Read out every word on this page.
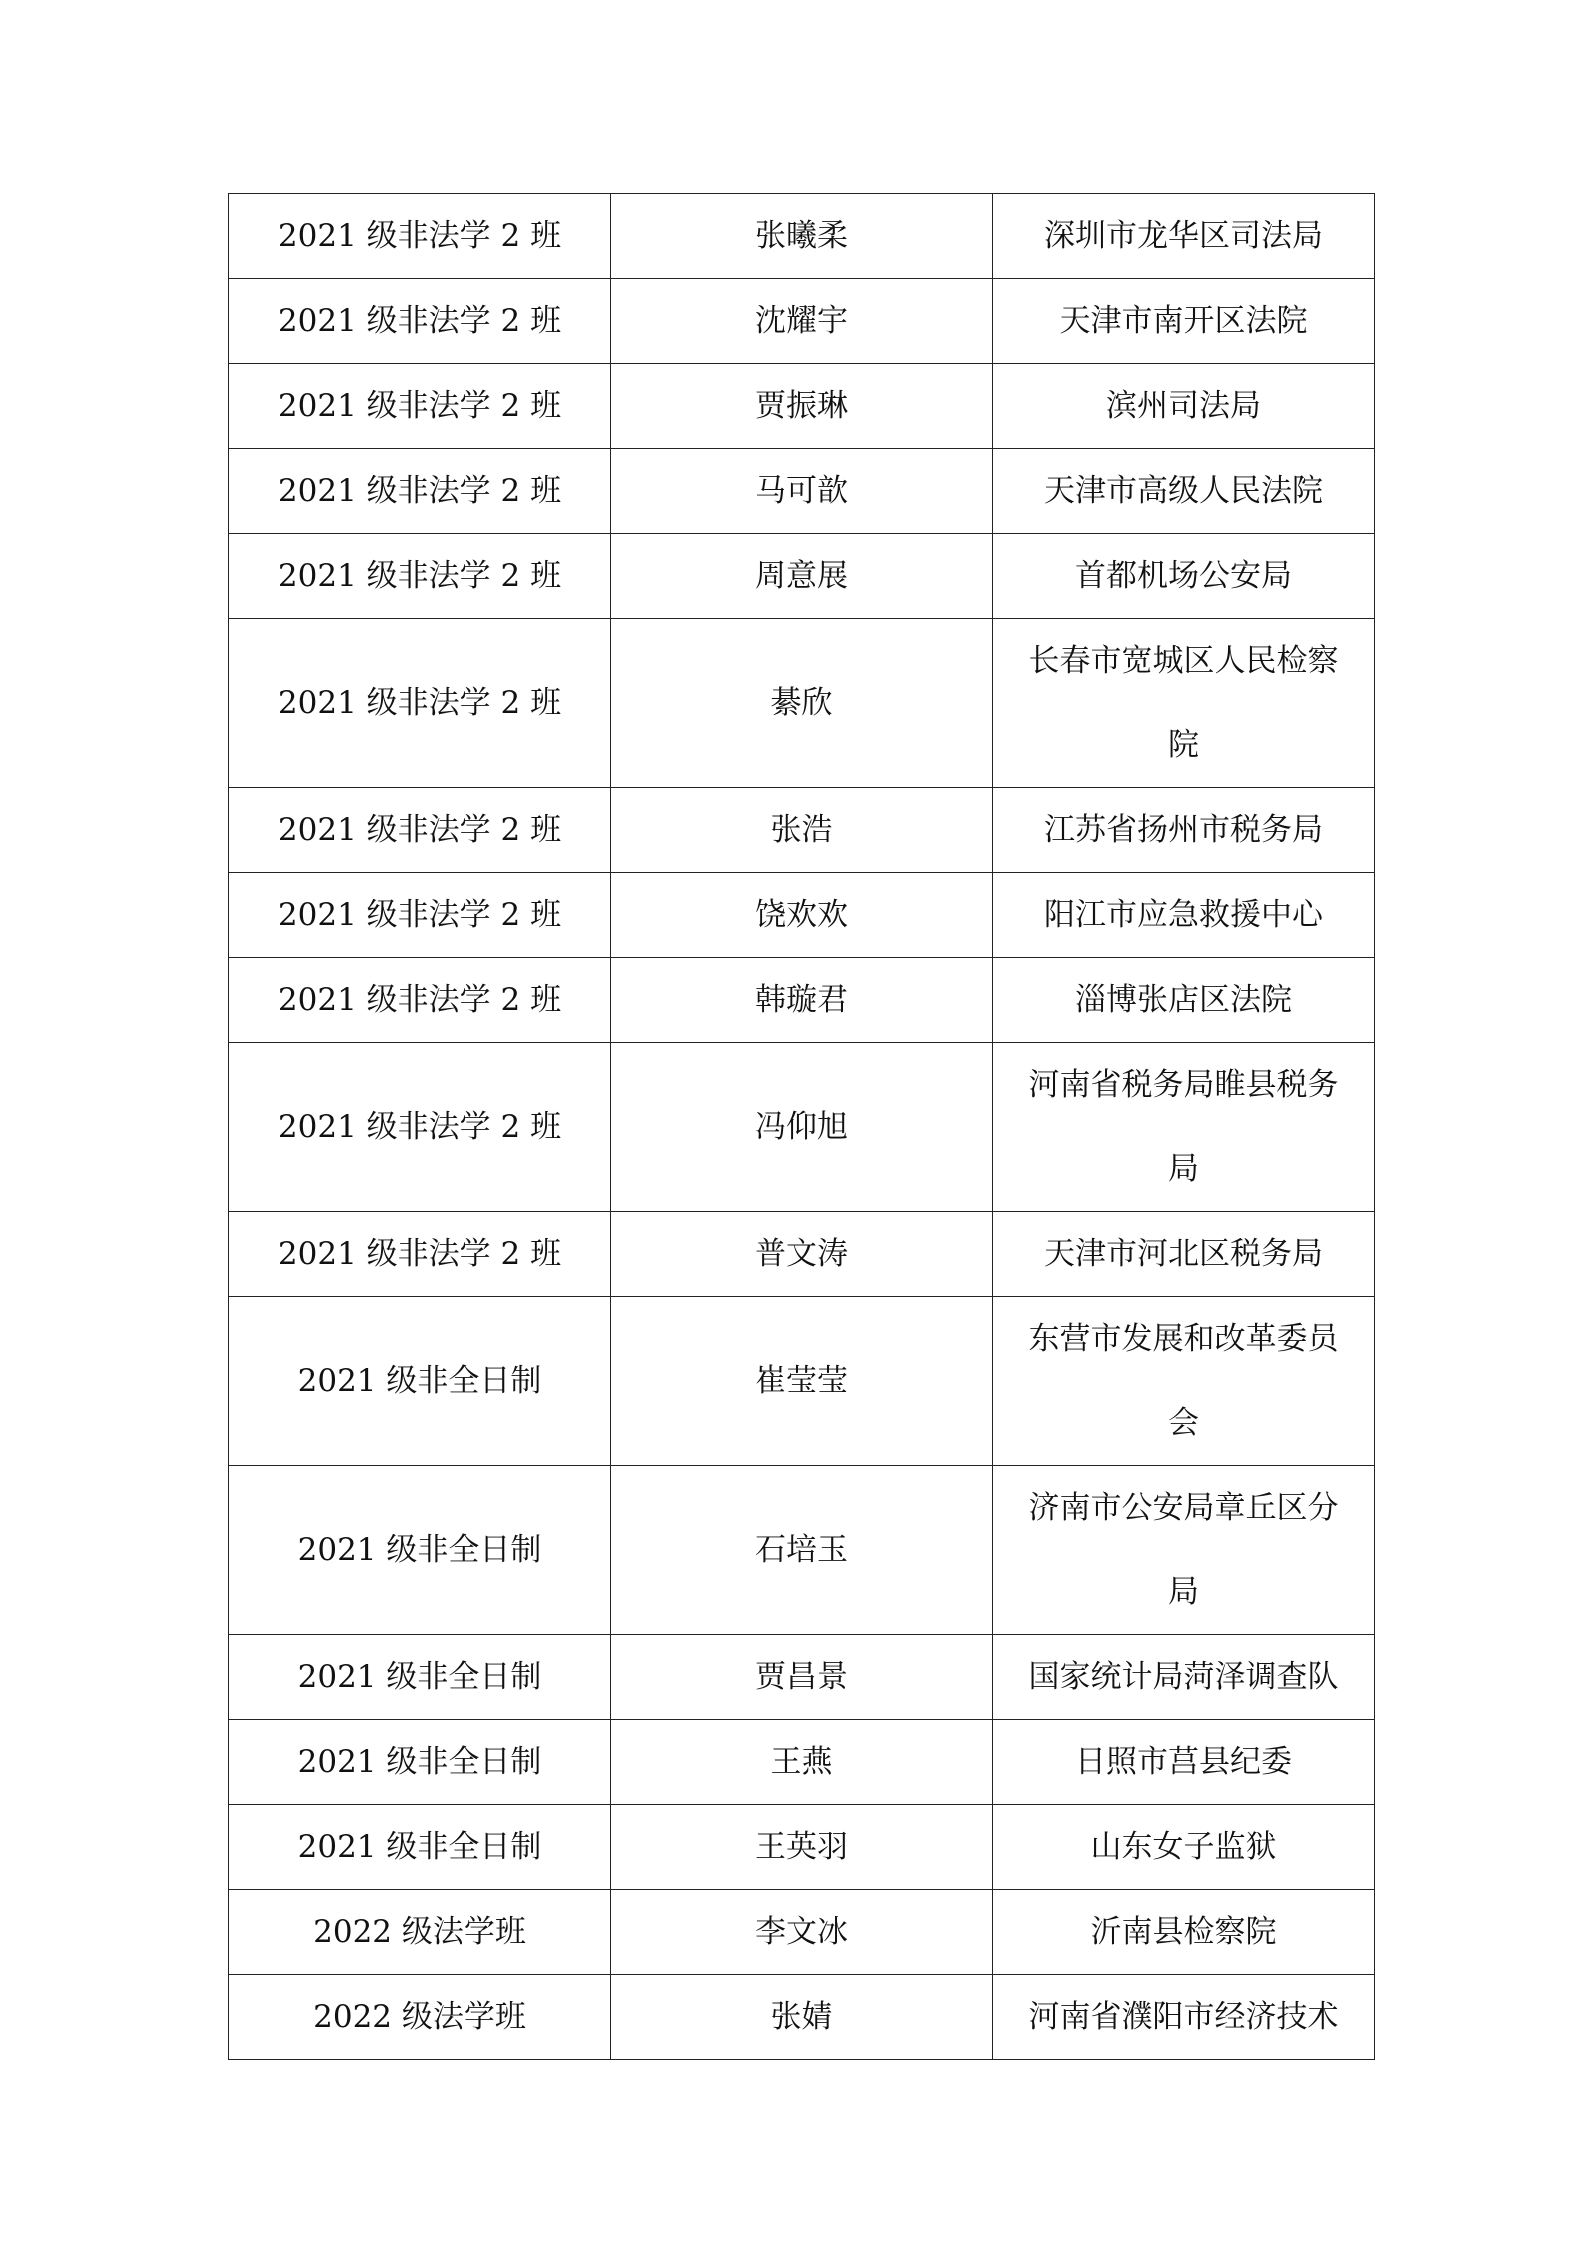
2021 级非法学 2 班	张曦柔	深圳市龙华区司法局
2021 级非法学 2 班	沈耀宇	天津市南开区法院
2021 级非法学 2 班	贾振琳	滨州司法局
2021 级非法学 2 班	马可歆	天津市高级人民法院
2021 级非法学 2 班	周意展	首都机场公安局
2021 级非法学 2 班	綦欣	长春市宽城区人民检察院
2021 级非法学 2 班	张浩	江苏省扬州市税务局
2021 级非法学 2 班	饶欢欢	阳江市应急救援中心
2021 级非法学 2 班	韩璇君	淄博张店区法院
2021 级非法学 2 班	冯仰旭	河南省税务局睢县税务局
2021 级非法学 2 班	普文涛	天津市河北区税务局
2021 级非全日制	崔莹莹	东营市发展和改革委员会
2021 级非全日制	石培玉	济南市公安局章丘区分局
2021 级非全日制	贾昌景	国家统计局菏泽调查队
2021 级非全日制	王燕	日照市莒县纪委
2021 级非全日制	王英羽	山东女子监狱
2022 级法学班	李文冰	沂南县检察院
2022 级法学班	张婧	河南省濮阳市经济技术
